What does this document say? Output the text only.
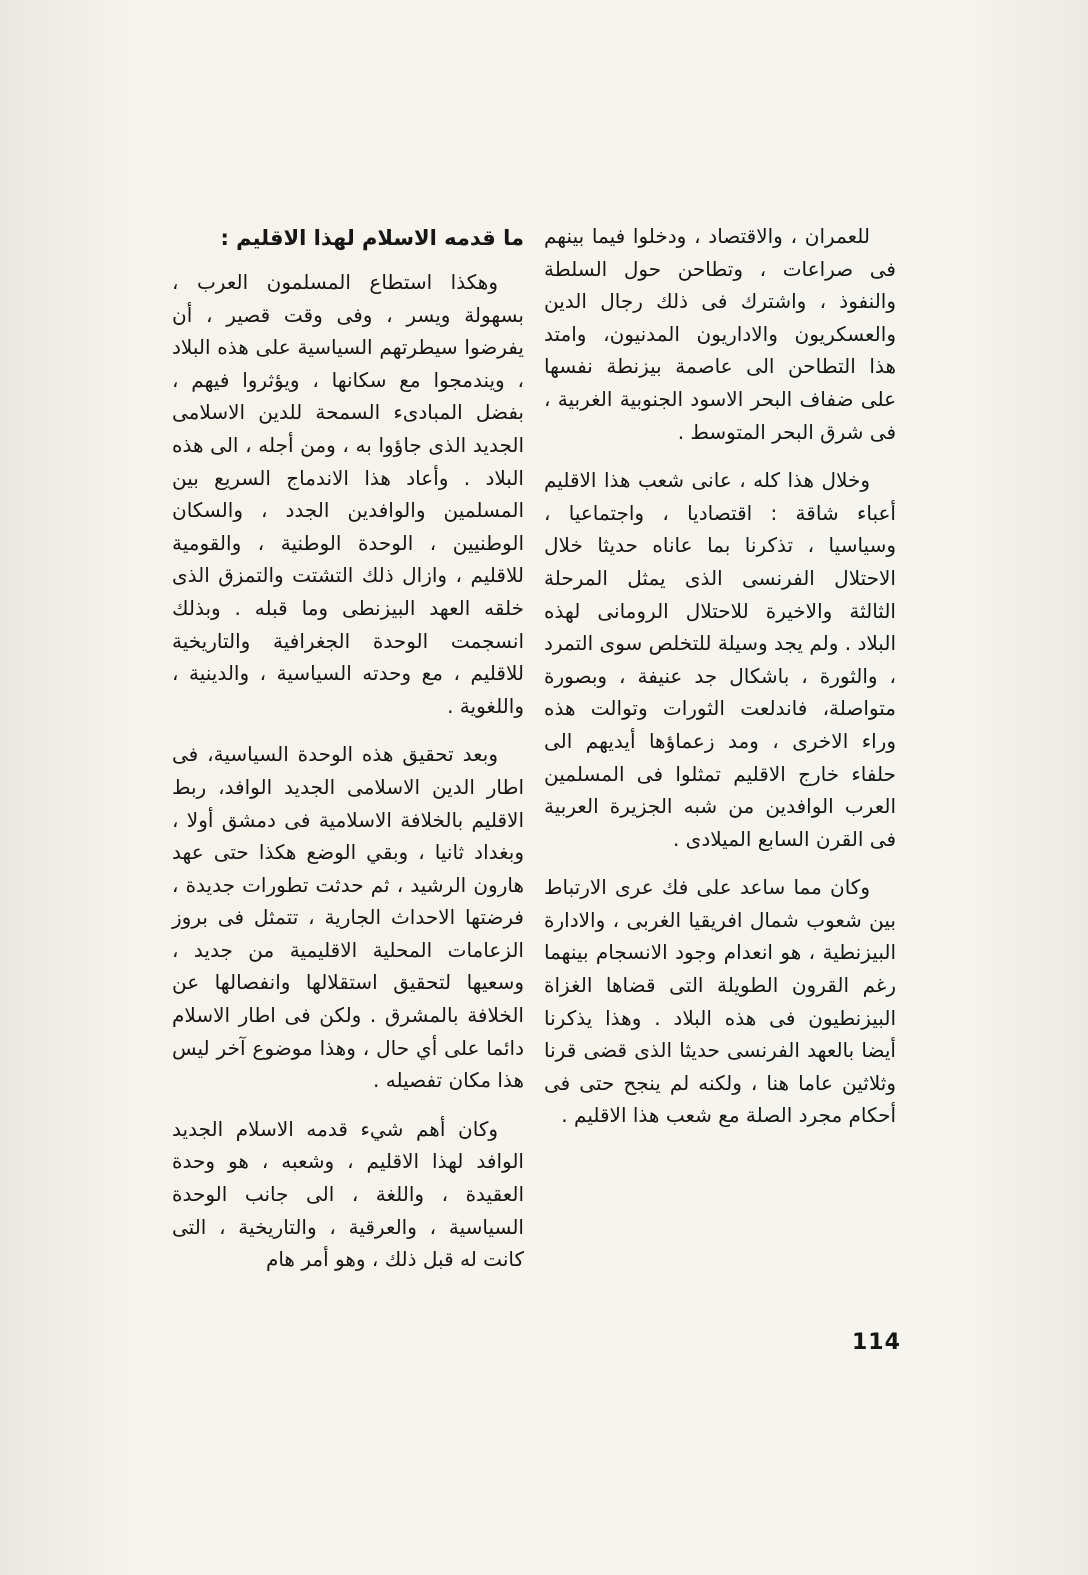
للعمران ، والاقتصاد ، ودخلوا فيما بينهم فى صراعات ، وتطاحن حول السلطة والنفوذ ، واشترك فى ذلك رجال الدين والعسكريون والاداريون المدنيون، وامتد هذا التطاحن الى عاصمة بيزنطة نفسها على ضفاف البحر الاسود الجنوبية الغربية ، فى شرق البحر المتوسط .

وخلال هذا كله ، عانى شعب هذا الاقليم أعباء شاقة : اقتصاديا ، واجتماعيا ، وسياسيا ، تذكرنا بما عاناه حديثا خلال الاحتلال الفرنسى الذى يمثل المرحلة الثالثة والاخيرة للاحتلال الرومانى لهذه البلاد . ولم يجد وسيلة للتخلص سوى التمرد ، والثورة ، باشكال جد عنيفة ، وبصورة متواصلة، فاندلعت الثورات وتوالت هذه وراء الاخرى ، ومد زعماؤها أيديهم الى حلفاء خارج الاقليم تمثلوا فى المسلمين العرب الوافدين من شبه الجزيرة العربية فى القرن السابع الميلادى .

وكان مما ساعد على فك عرى الارتباط بين شعوب شمال افريقيا الغربى ، والادارة البيزنطية ، هو انعدام وجود الانسجام بينهما رغم القرون الطويلة التى قضاها الغزاة البيزنطيون فى هذه البلاد . وهذا يذكرنا أيضا بالعهد الفرنسى حديثا الذى قضى قرنا وثلاثين عاما هنا ، ولكنه لم ينجح حتى فى أحكام مجرد الصلة مع شعب هذا الاقليم .

ما قدمه الاسلام لهذا الاقليم :

وهكذا استطاع المسلمون العرب ، بسهولة ويسر ، وفى وقت قصير ، أن يفرضوا سيطرتهم السياسية على هذه البلاد ، ويندمجوا مع سكانها ، ويؤثروا فيهم ، بفضل المبادىء السمحة للدين الاسلامى الجديد الذى جاؤوا به ، ومن أجله ، الى هذه البلاد . وأعاد هذا الاندماج السريع بين المسلمين والوافدين الجدد ، والسكان الوطنيين ، الوحدة الوطنية ، والقومية للاقليم ، وازال ذلك التشتت والتمزق الذى خلقه العهد البيزنطى وما قبله . وبذلك انسجمت الوحدة الجغرافية والتاريخية للاقليم ، مع وحدته السياسية ، والدينية ، واللغوية .

وبعد تحقيق هذه الوحدة السياسية، فى اطار الدين الاسلامى الجديد الوافد، ربط الاقليم بالخلافة الاسلامية فى دمشق أولا ، وبغداد ثانيا ، وبقي الوضع هكذا حتى عهد هارون الرشيد ، ثم حدثت تطورات جديدة ، فرضتها الاحداث الجارية ، تتمثل فى بروز الزعامات المحلية الاقليمية من جديد ، وسعيها لتحقيق استقلالها وانفصالها عن الخلافة بالمشرق . ولكن فى اطار الاسلام دائما على أي حال ، وهذا موضوع آخر ليس هذا مكان تفصيله .

وكان أهم شيء قدمه الاسلام الجديد الوافد لهذا الاقليم ، وشعبه ، هو وحدة العقيدة ، واللغة ، الى جانب الوحدة السياسية ، والعرقية ، والتاريخية ، التى كانت له قبل ذلك ، وهو أمر هام

114
